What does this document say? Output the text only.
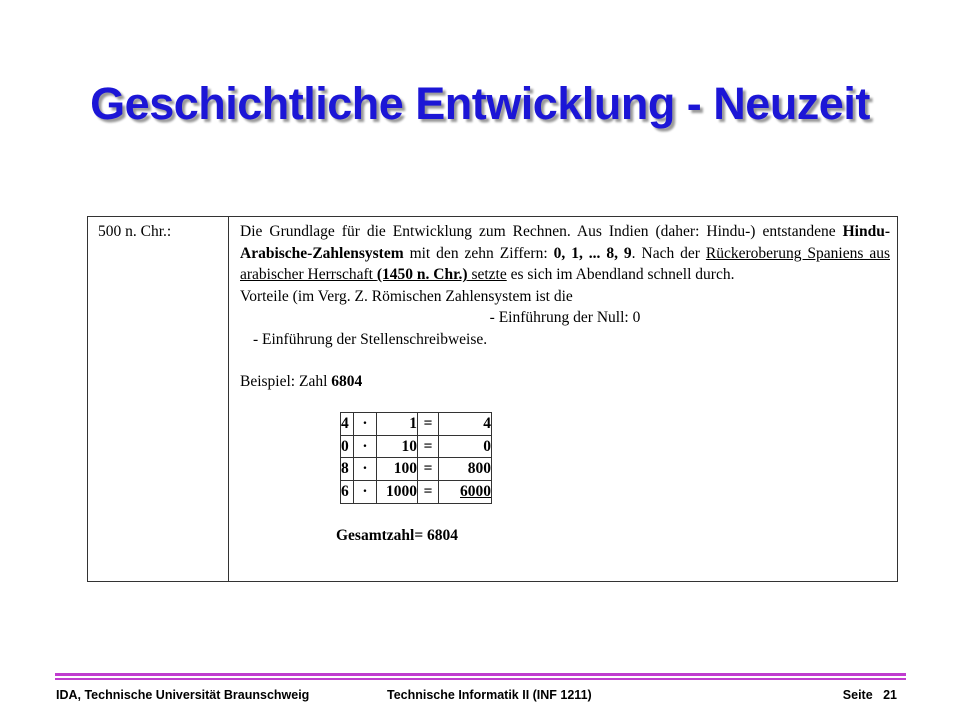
Geschichtliche Entwicklung - Neuzeit
500 n. Chr.:	Die Grundlage für die Entwicklung zum Rechnen. Aus Indien (daher: Hindu-) entstandene Hindu-Arabische-Zahlensystem mit den zehn Ziffern: 0, 1, ... 8, 9. Nach der Rückeroberung Spaniens aus arabischer Herrschaft (1450 n. Chr.) setzte es sich im Abendland schnell durch.
Vorteile (im Verg. Z. Römischen Zahlensystem ist die
- Einführung der Null: 0
- Einführung der Stellenschreibweise.
Beispiel: Zahl 6804
4	·	1	=	4
0	·	10	=	0
8	·	100	=	800
6	·	1000	=	6000
Gesamtzahl= 6804
IDA, Technische Universität Braunschweig	Technische Informatik II (INF 1211)	Seite   21
